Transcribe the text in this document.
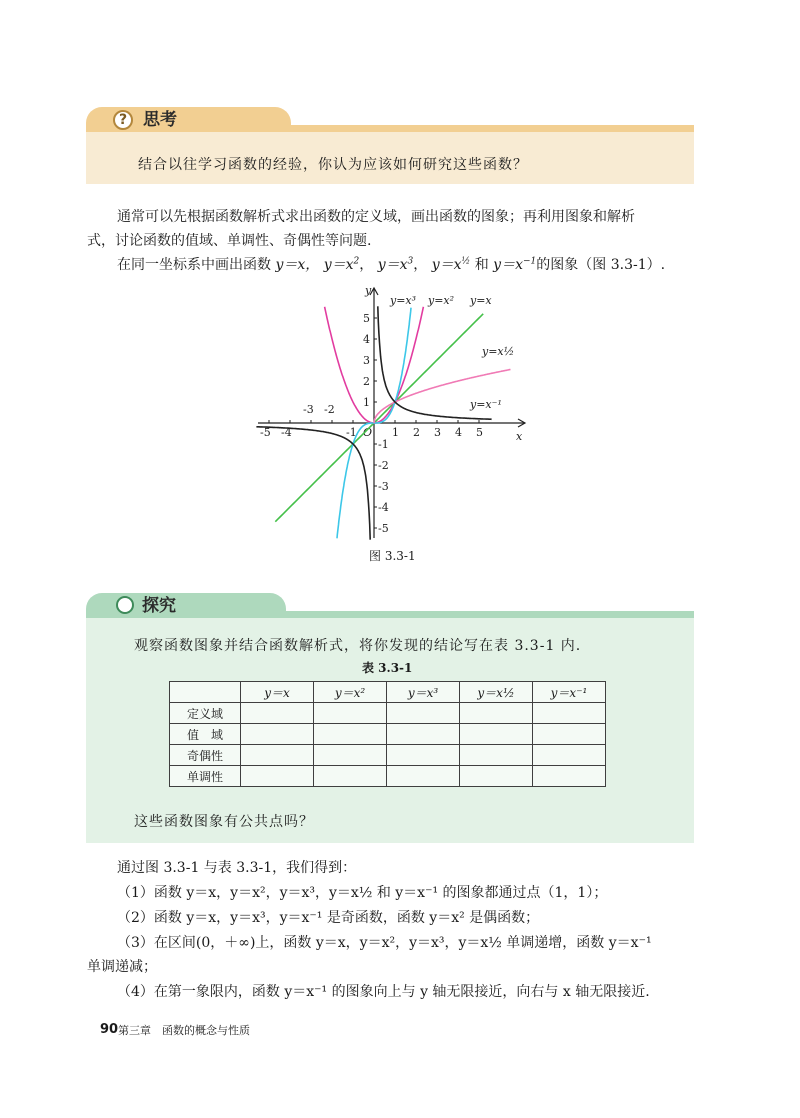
? 思考
结合以往学习函数的经验，你认为应该如何研究这些函数？
通常可以先根据函数解析式求出函数的定义域，画出函数的图象；再利用图象和解析
式，讨论函数的值域、单调性、奇偶性等问题.
在同一坐标系中画出函数 y＝x， $y=x^2$， $y=x^3$， $y=x^{\frac{1}{2}}$ 和 $y=x^{-1}$的图象（图 3.3-1）.
x
y
O 1 2 3 4 5
-5 -4	-1
-3 -2
5
4
3
2
1
-1
-2
-3
-4
-5
y=x³ y=x² y=x
y=x½
y=x⁻¹
图 3.3-1
探究
观察函数图象并结合函数解析式，将你发现的结论写在表 3.3-1 内.
表 3.3-1
	y＝x	y＝x²	y＝x³	y＝x½	y＝x⁻¹
定义域					
值　域					
奇偶性					
单调性					
这些函数图象有公共点吗？
通过图 3.3-1 与表 3.3-1，我们得到：
（1）函数 y＝x，y＝x²，y＝x³，y＝x½ 和 y＝x⁻¹ 的图象都通过点（1，1）；
（2）函数 y＝x，y＝x³，y＝x⁻¹ 是奇函数，函数 y＝x² 是偶函数；
（3）在区间(0，＋∞)上，函数 y＝x，y＝x²，y＝x³，y＝x½ 单调递增，函数 y＝x⁻¹
单调递减；
（4）在第一象限内，函数 y＝x⁻¹ 的图象向上与 y 轴无限接近，向右与 x 轴无限接近.
90 第三章　函数的概念与性质
